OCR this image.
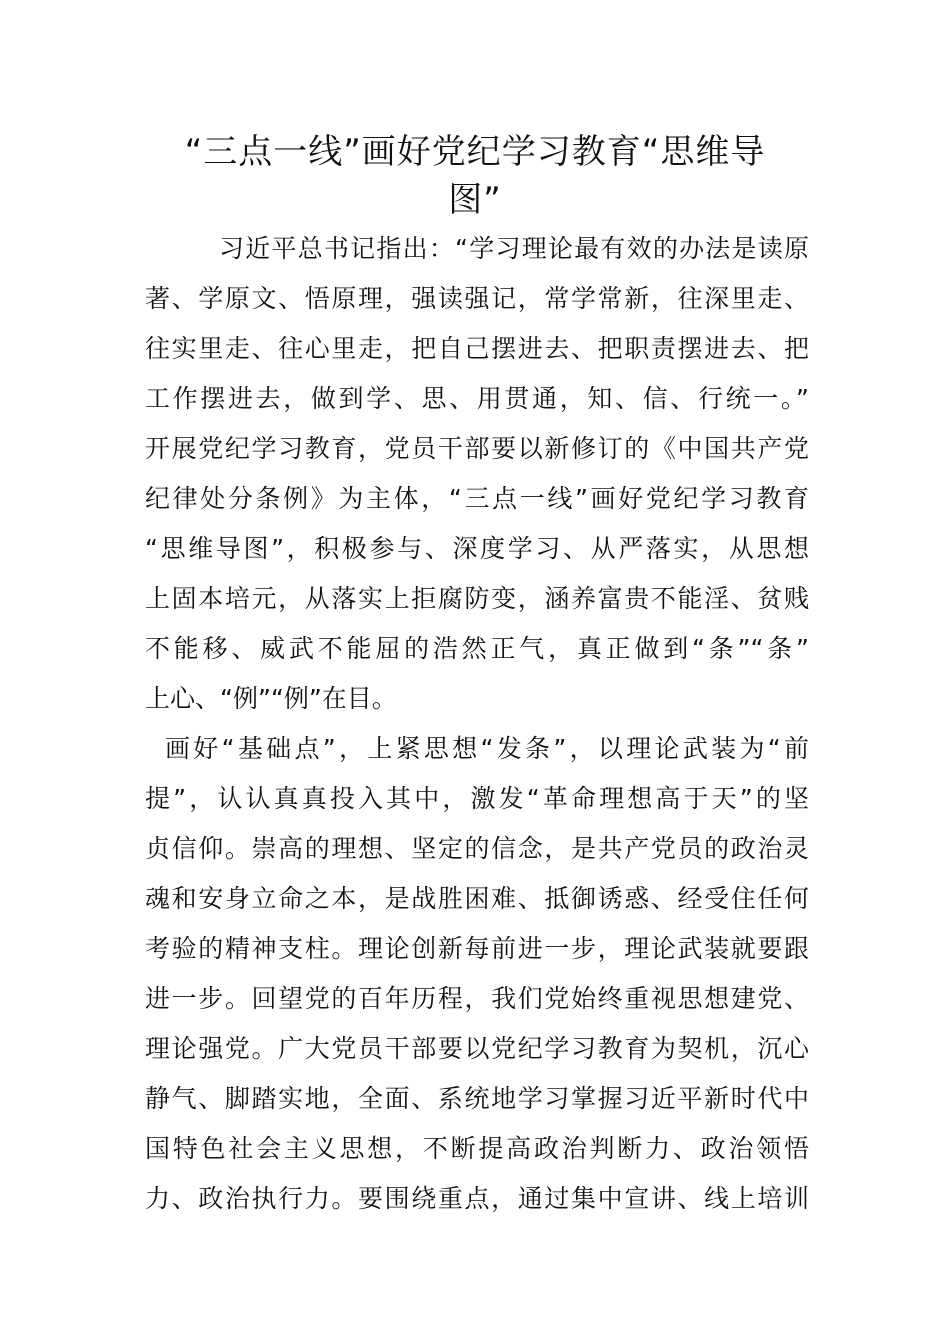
“三点一线”画好党纪学习教育“思维导
图”
习近平总书记指出：“学习理论最有效的办法是读原
著、学原文、悟原理，强读强记，常学常新，往深里走、
往实里走、往心里走，把自己摆进去、把职责摆进去、把
工作摆进去，做到学、思、用贯通，知、信、行统一。”
开展党纪学习教育，党员干部要以新修订的《中国共产党
纪律处分条例》为主体，“三点一线”画好党纪学习教育
“思维导图”，积极参与、深度学习、从严落实，从思想
上固本培元，从落实上拒腐防变，涵养富贵不能淫、贫贱
不能移、威武不能屈的浩然正气，真正做到“条”“条”
上心、“例”“例”在目。
画好“基础点”，上紧思想“发条”，以理论武装为“前
提”，认认真真投入其中，激发“革命理想高于天”的坚
贞信仰。崇高的理想、坚定的信念，是共产党员的政治灵
魂和安身立命之本，是战胜困难、抵御诱惑、经受住任何
考验的精神支柱。理论创新每前进一步，理论武装就要跟
进一步。回望党的百年历程，我们党始终重视思想建党、
理论强党。广大党员干部要以党纪学习教育为契机，沉心
静气、脚踏实地，全面、系统地学习掌握习近平新时代中
国特色社会主义思想，不断提高政治判断力、政治领悟
力、政治执行力。要围绕重点，通过集中宣讲、线上培训
